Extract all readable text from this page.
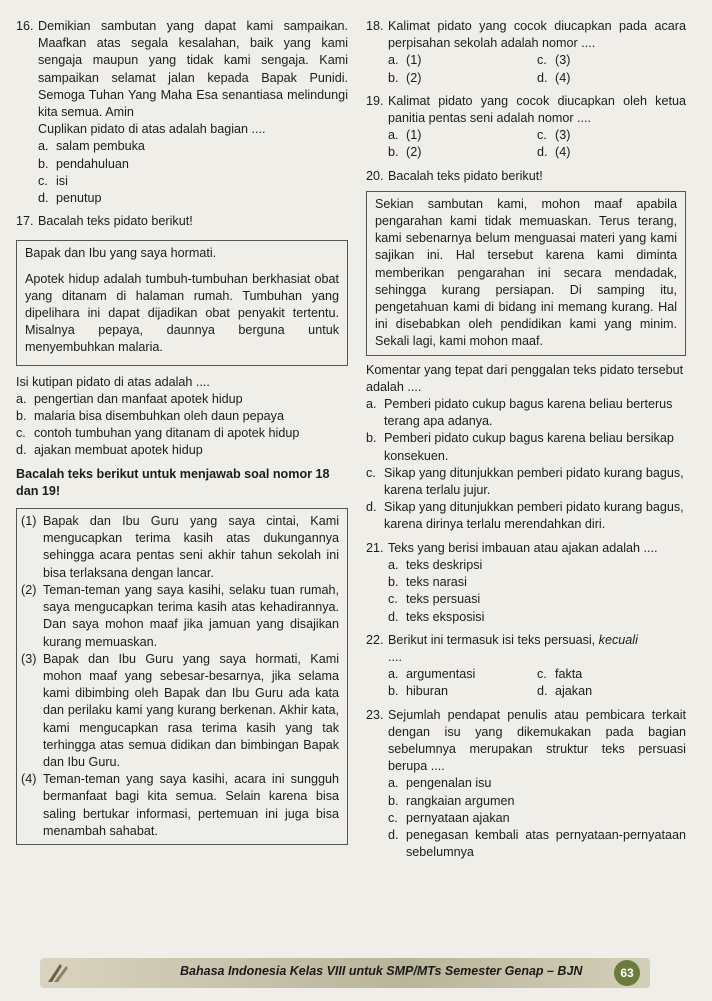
16. Demikian sambutan yang dapat kami sampaikan. Maafkan atas segala kesalahan, baik yang kami sengaja maupun yang tidak kami sengaja. Kami sampaikan selamat jalan kepada Bapak Punidi. Semoga Tuhan Yang Maha Esa senantiasa melindungi kita semua. Amin
Cuplikan pidato di atas adalah bagian ....
a. salam pembuka
b. pendahuluan
c. isi
d. penutup
17. Bacalah teks pidato berikut!

Bapak dan Ibu yang saya hormati.

Apotek hidup adalah tumbuh-tumbuhan berkhasiat obat yang ditanam di halaman rumah. Tumbuhan yang dipelihara ini dapat dijadikan obat penyakit tertentu. Misalnya pepaya, daunnya berguna untuk menyembuhkan malaria.

Isi kutipan pidato di atas adalah ....
a. pengertian dan manfaat apotek hidup
b. malaria bisa disembuhkan oleh daun pepaya
c. contoh tumbuhan yang ditanam di apotek hidup
d. ajakan membuat apotek hidup
Bacalah teks berikut untuk menjawab soal nomor 18 dan 19!
(1) Bapak dan Ibu Guru yang saya cintai, Kami mengucapkan terima kasih atas dukungannya sehingga acara pentas seni akhir tahun sekolah ini bisa terlaksana dengan lancar.
(2) Teman-teman yang saya kasihi, selaku tuan rumah, saya mengucapkan terima kasih atas kehadirannya. Dan saya mohon maaf jika jamuan yang disajikan kurang memuaskan.
(3) Bapak dan Ibu Guru yang saya hormati, Kami mohon maaf yang sebesar-besarnya, jika selama kami dibimbing oleh Bapak dan Ibu Guru ada kata dan perilaku kami yang kurang berkenan. Akhir kata, kami mengucapkan rasa terima kasih yang tak terhingga atas semua didikan dan bimbingan Bapak dan Ibu Guru.
(4) Teman-teman yang saya kasihi, acara ini sungguh bermanfaat bagi kita semua. Selain karena bisa saling bertukar informasi, pertemuan ini juga bisa menambah sahabat.
18. Kalimat pidato yang cocok diucapkan pada acara perpisahan sekolah adalah nomor ....
a. (1)	c. (3)
b. (2)	d. (4)
19. Kalimat pidato yang cocok diucapkan oleh ketua panitia pentas seni adalah nomor ....
a. (1)	c. (3)
b. (2)	d. (4)
20. Bacalah teks pidato berikut!
Sekian sambutan kami, mohon maaf apabila pengarahan kami tidak memuaskan. Terus terang, kami sebenarnya belum menguasai materi yang kami sajikan ini. Hal tersebut karena kami diminta memberikan pengarahan ini secara mendadak, sehingga kurang persiapan. Di samping itu, pengetahuan kami di bidang ini memang kurang. Hal ini disebabkan oleh pendidikan kami yang minim. Sekali lagi, kami mohon maaf.
Komentar yang tepat dari penggalan teks pidato tersebut adalah ....
a. Pemberi pidato cukup bagus karena beliau berterus terang apa adanya.
b. Pemberi pidato cukup bagus karena beliau bersikap konsekuen.
c. Sikap yang ditunjukkan pemberi pidato kurang bagus, karena terlalu jujur.
d. Sikap yang ditunjukkan pemberi pidato kurang bagus, karena dirinya terlalu merendahkan diri.
21. Teks yang berisi imbauan atau ajakan adalah ....
a. teks deskripsi
b. teks narasi
c. teks persuasi
d. teks eksposisi
22. Berikut ini termasuk isi teks persuasi, kecuali
....
a. argumentasi	c. fakta
b. hiburan	d. ajakan
23. Sejumlah pendapat penulis atau pembicara terkait dengan isu yang dikemukakan pada bagian sebelumnya merupakan struktur teks persuasi berupa ....
a. pengenalan isu
b. rangkaian argumen
c. pernyataan ajakan
d. penegasan kembali atas pernyataan-pernyataan sebelumnya
Bahasa Indonesia Kelas VIII untuk SMP/MTs Semester Genap – BJN	63
